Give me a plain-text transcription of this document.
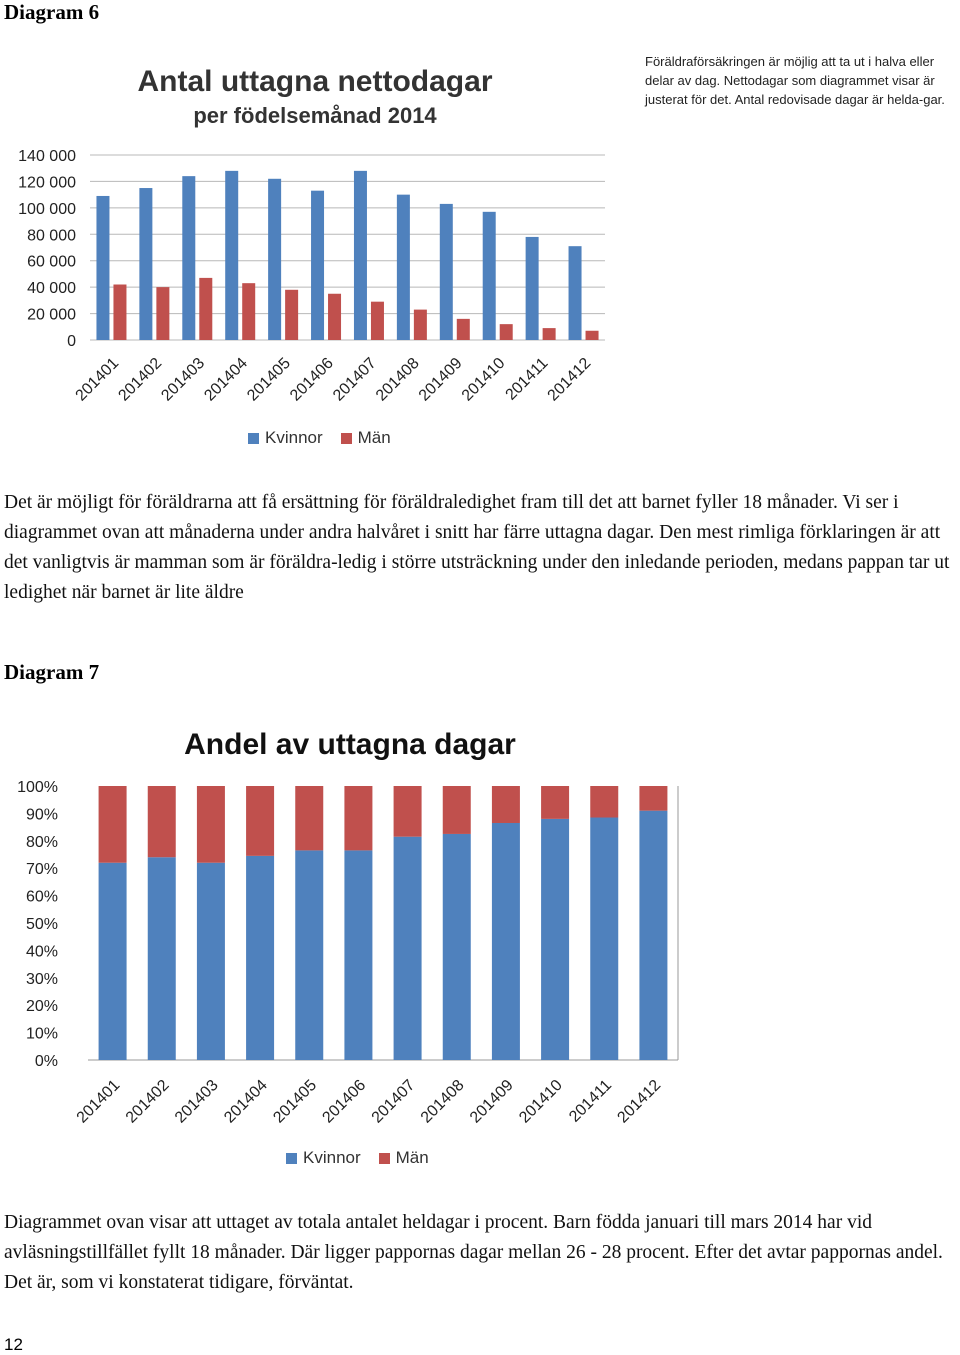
Diagram 6
Antal uttagna nettodagar
per födelsemånad 2014
0
20 000
40 000
60 000
80 000
100 000
120 000
140 000
201401
201402
201403
201404
201405
201406
201407
201408
201409
201410
201411
201412
Kvinnor Män
Föräldraförsäkringen är möjlig att ta ut i halva eller delar av dag. Nettodagar som diagrammet visar är justerat för det. Antal redovisade dagar är helda-gar.
Det är möjligt för föräldrarna att få ersättning för föräldraledighet fram till det att barnet fyller 18 månader. Vi ser i diagrammet ovan att månaderna under andra halvåret i snitt har färre uttagna dagar. Den mest rimliga förklaringen är att det vanligtvis är mamman som är föräldra-ledig i större utsträckning under den inledande perioden, medans pappan tar ut ledighet när barnet är lite äldre
Diagram 7
Andel av uttagna dagar
0%
10%
20%
30%
40%
50%
60%
70%
80%
90%
100%
201401 201402 201403 201404 201405 201406 201407 201408 201409 201410 201411 201412
Kvinnor Män
Diagrammet ovan visar att uttaget av totala antalet heldagar i procent. Barn födda januari till mars 2014 har vid avläsningstillfället fyllt 18 månader. Där ligger pappornas dagar mellan 26 - 28 procent. Efter det avtar pappornas andel. Det är, som vi konstaterat tidigare, förväntat.
12
